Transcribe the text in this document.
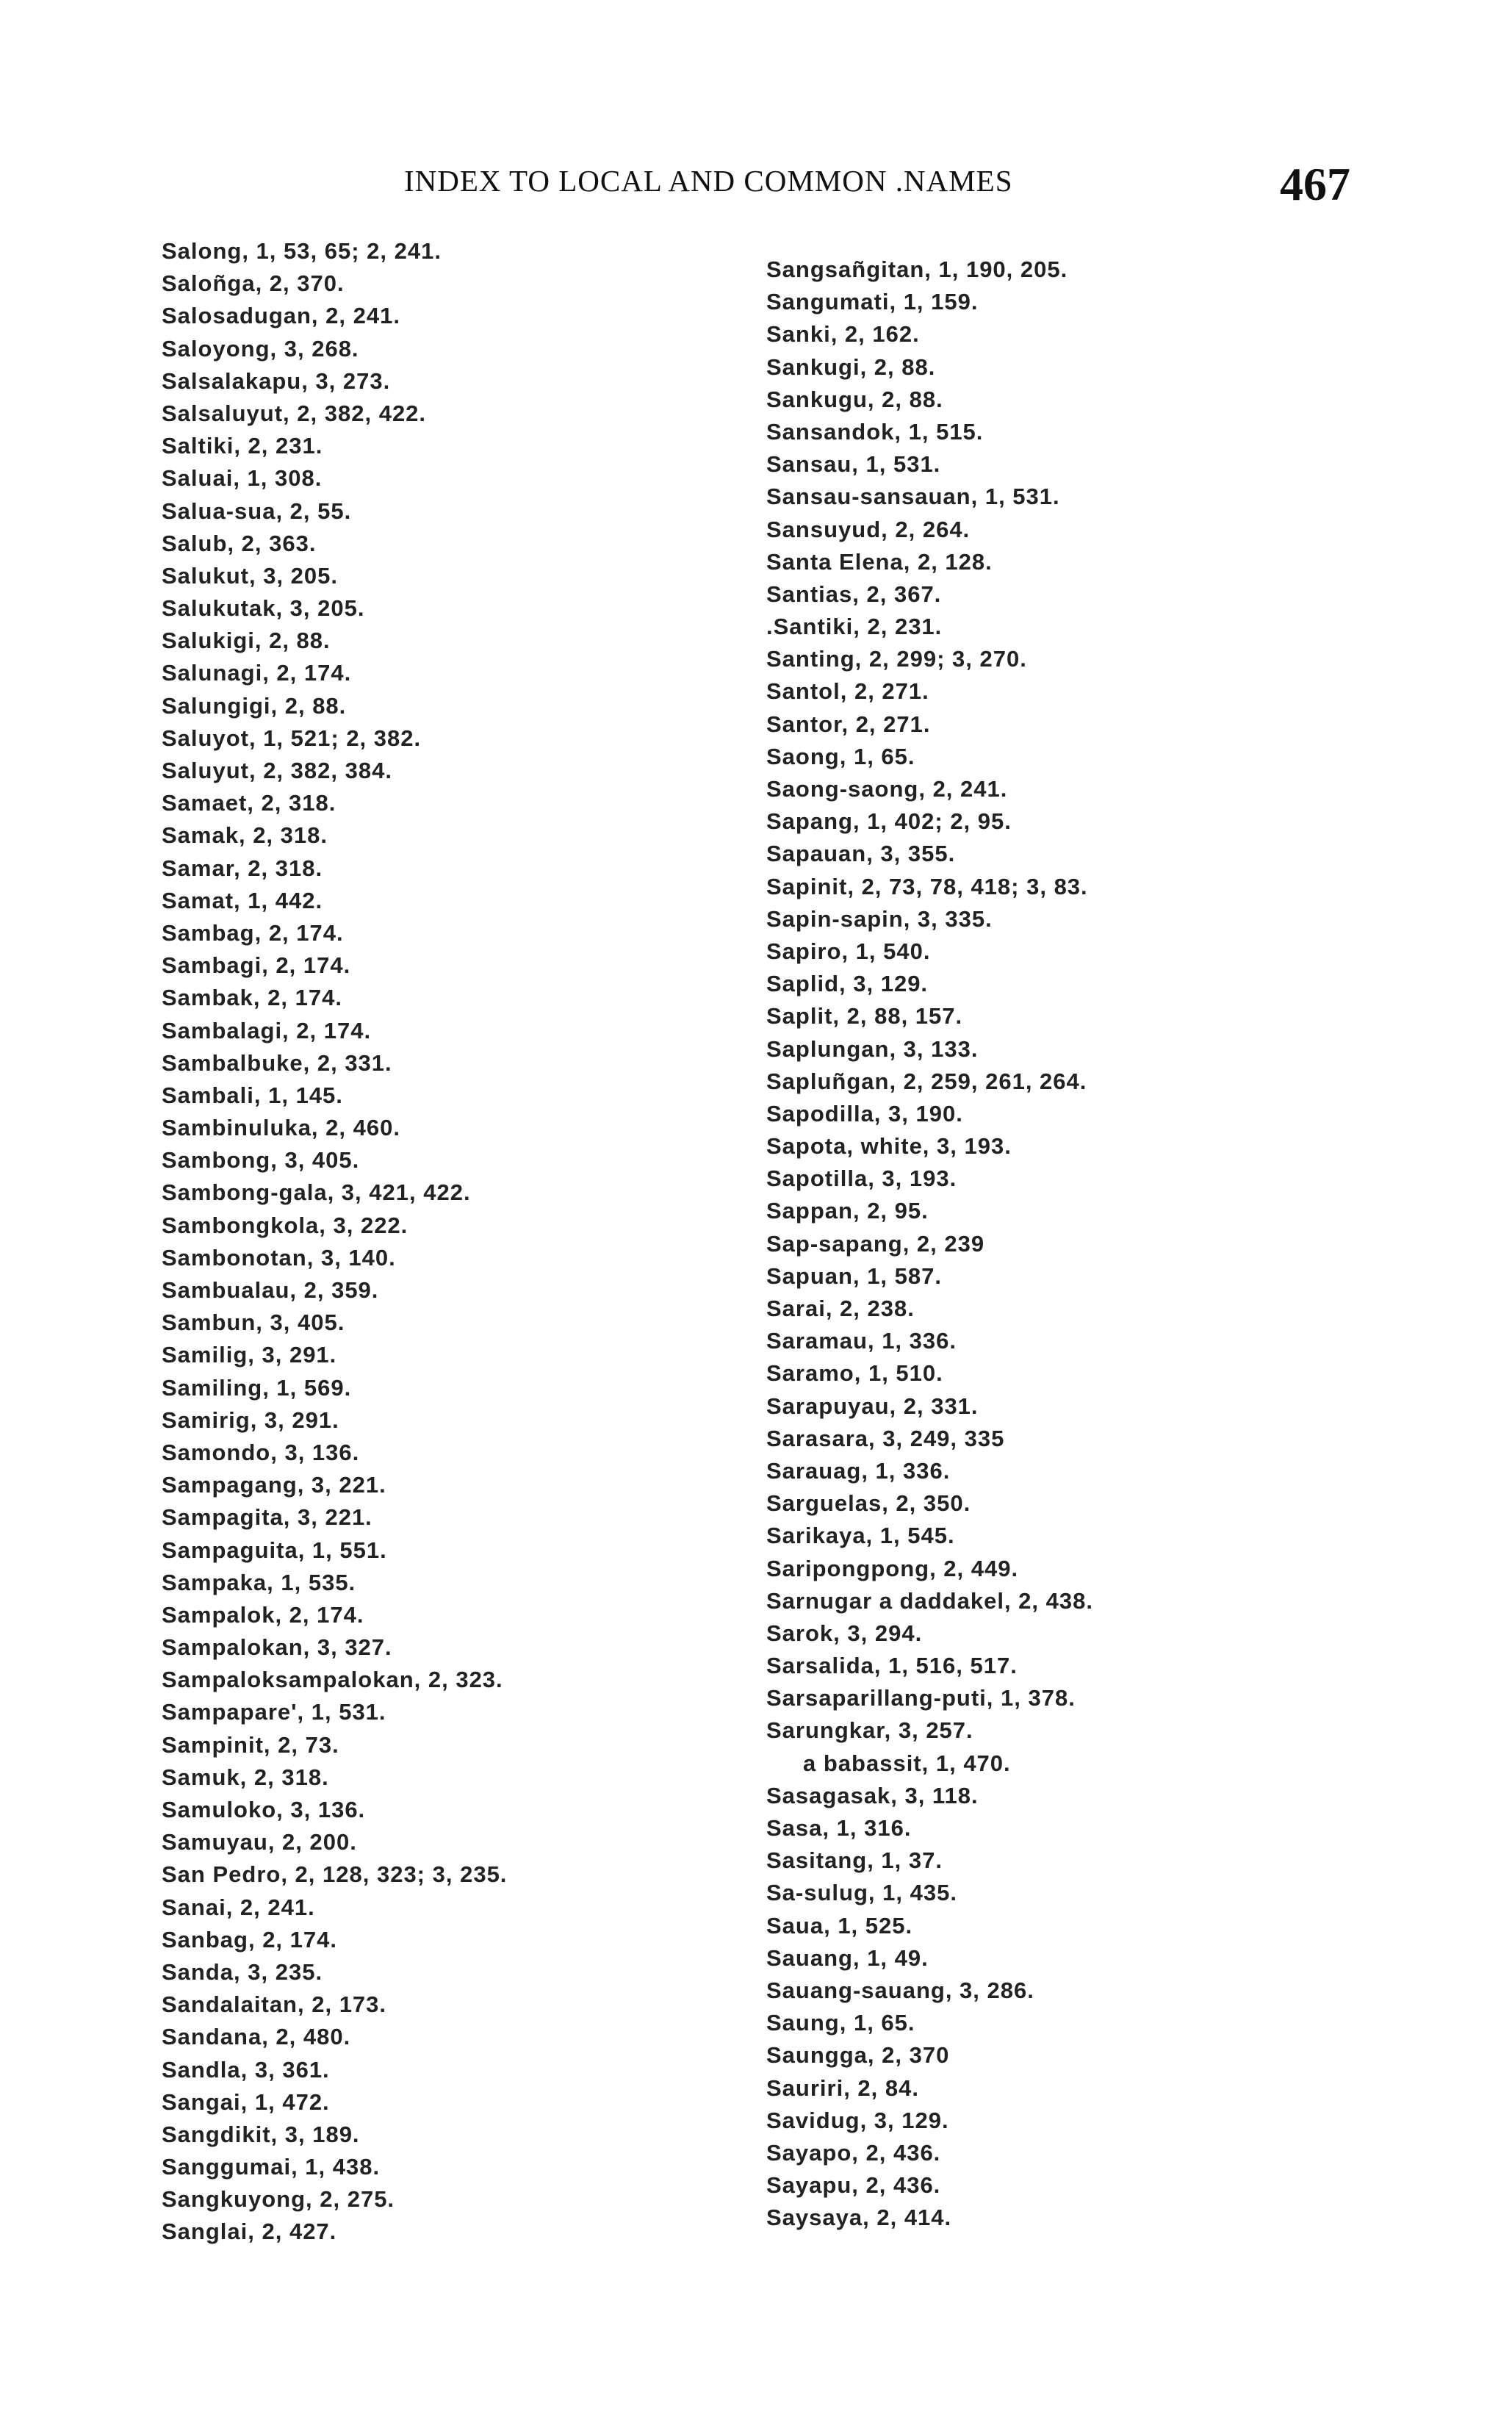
INDEX TO LOCAL AND COMMON .NAMES	467
Salong, 1, 53, 65; 2, 241.
Saloñga, 2, 370.
Salosadugan, 2, 241.
Saloyong, 3, 268.
Salsalakapu, 3, 273.
Salsaluyut, 2, 382, 422.
Saltiki, 2, 231.
Saluai, 1, 308.
Salua-sua, 2, 55.
Salub, 2, 363.
Salukut, 3, 205.
Salukutak, 3, 205.
Salukigi, 2, 88.
Salunagi, 2, 174.
Salungigi, 2, 88.
Saluyot, 1, 521; 2, 382.
Saluyut, 2, 382, 384.
Samaet, 2, 318.
Samak, 2, 318.
Samar, 2, 318.
Samat, 1, 442.
Sambag, 2, 174.
Sambagi, 2, 174.
Sambak, 2, 174.
Sambalagi, 2, 174.
Sambalbuke, 2, 331.
Sambali, 1, 145.
Sambinuluka, 2, 460.
Sambong, 3, 405.
Sambong-gala, 3, 421, 422.
Sambongkola, 3, 222.
Sambonotan, 3, 140.
Sambualau, 2, 359.
Sambun, 3, 405.
Samilig, 3, 291.
Samiling, 1, 569.
Samirig, 3, 291.
Samondo, 3, 136.
Sampagang, 3, 221.
Sampagita, 3, 221.
Sampaguita, 1, 551.
Sampaka, 1, 535.
Sampalok, 2, 174.
Sampalokan, 3, 327.
Sampaloksampalokan, 2, 323.
Sampapare', 1, 531.
Sampinit, 2, 73.
Samuk, 2, 318.
Samuloko, 3, 136.
Samuyau, 2, 200.
San Pedro, 2, 128, 323; 3, 235.
Sanai, 2, 241.
Sanbag, 2, 174.
Sanda, 3, 235.
Sandalaitan, 2, 173.
Sandana, 2, 480.
Sandla, 3, 361.
Sangai, 1, 472.
Sangdikit, 3, 189.
Sanggumai, 1, 438.
Sangkuyong, 2, 275.
Sanglai, 2, 427.
Sangsañgitan, 1, 190, 205.
Sangumati, 1, 159.
Sanki, 2, 162.
Sankugi, 2, 88.
Sankugu, 2, 88.
Sansandok, 1, 515.
Sansau, 1, 531.
Sansau-sansauan, 1, 531.
Sansuyud, 2, 264.
Santa Elena, 2, 128.
Santias, 2, 367.
.Santiki, 2, 231.
Santing, 2, 299; 3, 270.
Santol, 2, 271.
Santor, 2, 271.
Saong, 1, 65.
Saong-saong, 2, 241.
Sapang, 1, 402; 2, 95.
Sapauan, 3, 355.
Sapinit, 2, 73, 78, 418; 3, 83.
Sapin-sapin, 3, 335.
Sapiro, 1, 540.
Saplid, 3, 129.
Saplit, 2, 88, 157.
Saplungan, 3, 133.
Sapluñgan, 2, 259, 261, 264.
Sapodilla, 3, 190.
Sapota, white, 3, 193.
Sapotilla, 3, 193.
Sappan, 2, 95.
Sap-sapang, 2, 239
Sapuan, 1, 587.
Sarai, 2, 238.
Saramau, 1, 336.
Saramo, 1, 510.
Sarapuyau, 2, 331.
Sarasara, 3, 249, 335
Sarauag, 1, 336.
Sarguelas, 2, 350.
Sarikaya, 1, 545.
Saripongpong, 2, 449.
Sarnugar a daddakel, 2, 438.
Sarok, 3, 294.
Sarsalida, 1, 516, 517.
Sarsaparillang-puti, 1, 378.
Sarungkar, 3, 257.
a babassit, 1, 470.
Sasagasak, 3, 118.
Sasa, 1, 316.
Sasitang, 1, 37.
Sa-sulug, 1, 435.
Saua, 1, 525.
Sauang, 1, 49.
Sauang-sauang, 3, 286.
Saung, 1, 65.
Saungga, 2, 370
Sauriri, 2, 84.
Savidug, 3, 129.
Sayapo, 2, 436.
Sayapu, 2, 436.
Saysaya, 2, 414.
